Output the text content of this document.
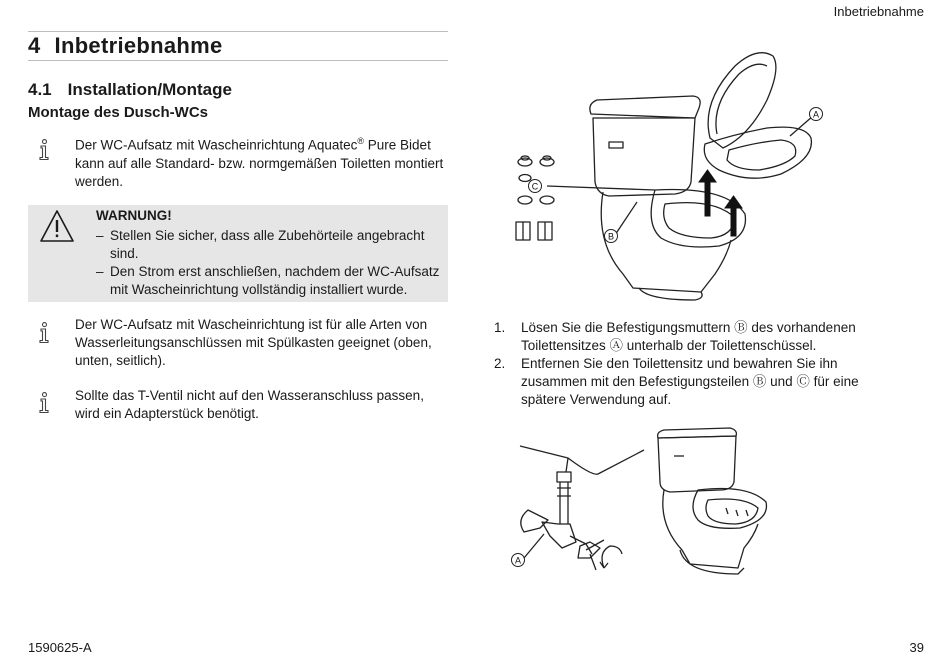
Inbetriebnahme
4 Inbetriebnahme
4.1 Installation/Montage
Montage des Dusch-WCs
Der WC-Aufsatz mit Wascheinrichtung Aquatec® Pure Bidet kann auf alle Standard- bzw. normgemäßen Toiletten montiert werden.
WARNUNG!
– Stellen Sie sicher, dass alle Zubehörteile angebracht sind.
– Den Strom erst anschließen, nachdem der WC-Aufsatz mit Wascheinrichtung vollständig installiert wurde.
Der WC-Aufsatz mit Wascheinrichtung ist für alle Arten von Wasserleitungsanschlüssen mit Spülkasten geeignet (oben, unten, seitlich).
Sollte das T-Ventil nicht auf den Wasseranschluss passen, wird ein Adapterstück benötigt.
C
B
A
1.	Lösen Sie die Befestigungsmuttern Ⓑ des vorhandenen Toilettensitzes Ⓐ unterhalb der Toilettenschüssel.
2.	Entfernen Sie den Toilettensitz und bewahren Sie ihn zusammen mit den Befestigungsteilen Ⓑ und Ⓒ für eine spätere Verwendung auf.
A
1590625-A	39
